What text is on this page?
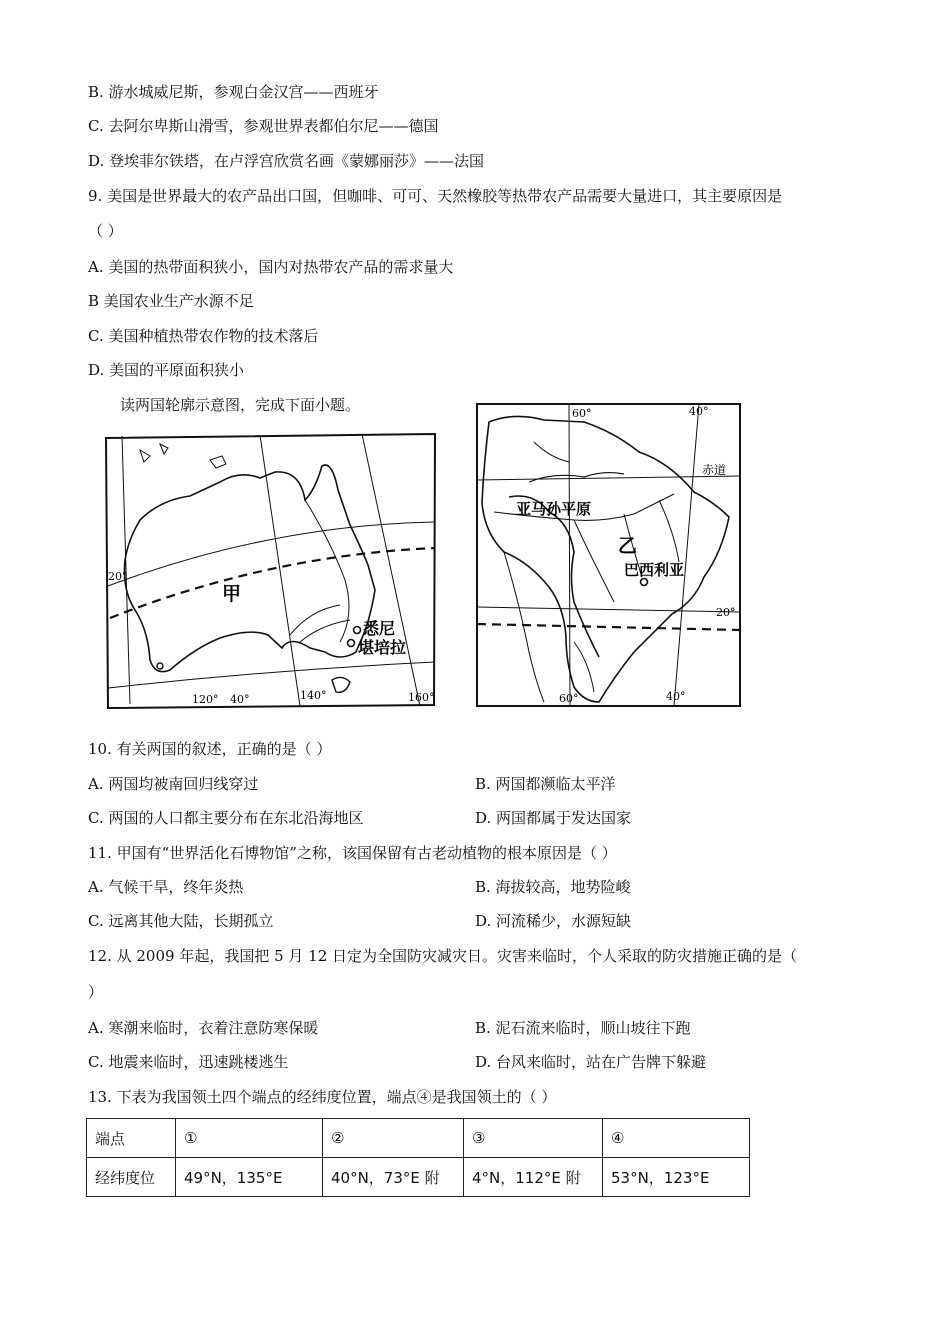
B. 游水城威尼斯，参观白金汉宫——西班牙
C. 去阿尔卑斯山滑雪，参观世界表都伯尔尼——德国
D. 登埃菲尔铁塔，在卢浮宫欣赏名画《蒙娜丽莎》——法国
9. 美国是世界最大的农产品出口国，但咖啡、可可、天然橡胶等热带农产品需要大量进口，其主要原因是
（ ）
A. 美国的热带面积狭小，国内对热带农产品的需求量大
B 美国农业生产水源不足
C. 美国种植热带农作物的技术落后
D. 美国的平原面积狭小
读两国轮廓示意图，完成下面小题。
甲
悉尼
堪培拉
20°
120° 40°	140°	160°
亚马孙平原
乙
巴西利亚
赤道
20°
60°	40°
60°	40°
10. 有关两国的叙述，正确的是（ ）
A. 两国均被南回归线穿过	B. 两国都濒临太平洋
C. 两国的人口都主要分布在东北沿海地区	D. 两国都属于发达国家
11. 甲国有“世界活化石博物馆”之称，该国保留有古老动植物的根本原因是（ ）
A. 气候干旱，终年炎热	B. 海拔较高，地势险峻
C. 远离其他大陆，长期孤立	D. 河流稀少，水源短缺
12. 从 2009 年起，我国把 5 月 12 日定为全国防灾减灾日。灾害来临时，个人采取的防灾措施正确的是（
）
A. 寒潮来临时，衣着注意防寒保暖	B. 泥石流来临时，顺山坡往下跑
C. 地震来临时，迅速跳楼逃生	D. 台风来临时，站在广告牌下躲避
13. 下表为我国领土四个端点的经纬度位置，端点④是我国领土的（ ）
端点	①	②	③	④
经纬度位	49°N，135°E	40°N，73°E 附	4°N，112°E 附	53°N，123°E
